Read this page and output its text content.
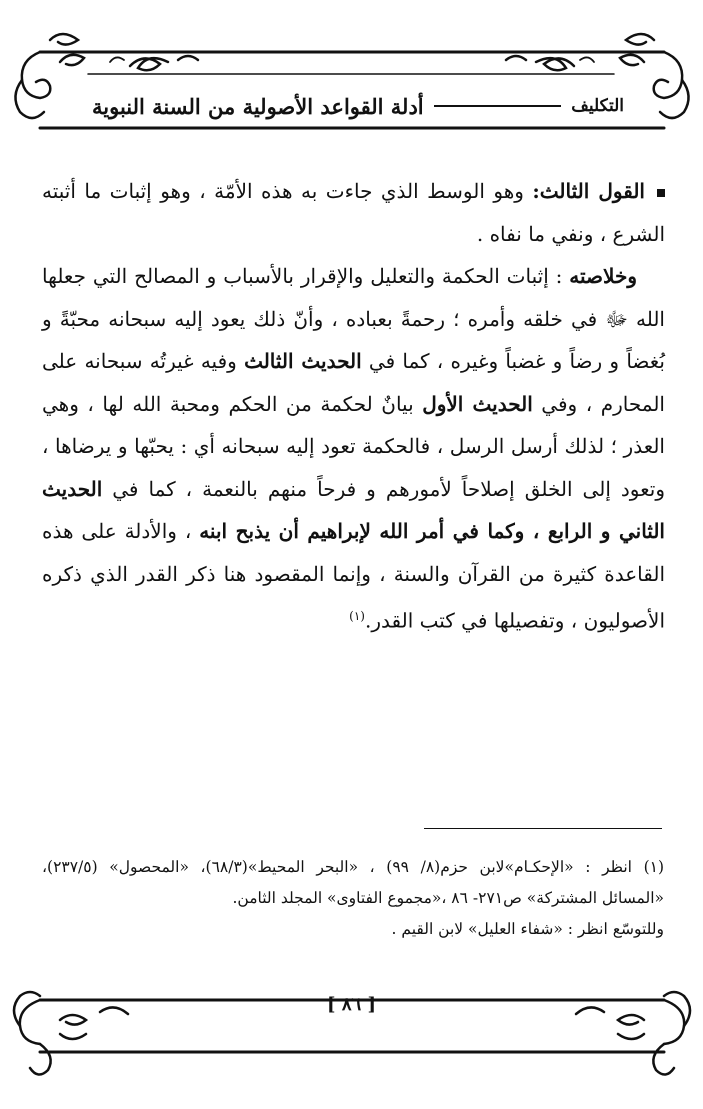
أدلة القواعد الأصولية من السنة النبوية	التكليف

القول الثالث: وهو الوسط الذي جاءت به هذه الأمّة ، وهو إثبات ما أثبته الشرع ، ونفي ما نفاه .

وخلاصته : إثبات الحكمة والتعليل والإقرار بالأسباب و المصالح التي جعلها الله ﷻ في خلقه وأمره ؛ رحمةً بعباده ، وأنّ ذلك يعود إليه سبحانه محبّةً و بُغضاً و رضاً و غضباً وغيره ، كما في الحديث الثالث وفيه غيرتُه سبحانه على المحارم ، وفي الحديث الأول بيانٌ لحكمة من الحكم ومحبة الله لها ، وهي العذر ؛ لذلك أرسل الرسل ، فالحكمة تعود إليه سبحانه أي : يحبّها و يرضاها ، وتعود إلى الخلق إصلاحاً لأمورهم و فرحاً منهم بالنعمة ، كما في الحديث الثاني و الرابع ، وكما في أمر الله لإبراهيم أن يذبح ابنه ، والأدلة على هذه القاعدة كثيرة من القرآن والسنة ، وإنما المقصود هنا ذكر القدر الذي ذكره الأصوليون ، وتفصيلها في كتب القدر.$^{(١)}$

(١) انظر : «الإحكـام»لابن حزم(٨/ ٩٩) ، «البحر المحيط»(٦٨/٣)، «المحصول» (٢٣٧/٥)، «المسائل المشتركة» ص٢٧١- ٨٦ ،«مجموع الفتاوى» المجلد الثامن.

وللتوسّع انظر : «شفاء العليل» لابن القيم .

[ ٨٦ ]
